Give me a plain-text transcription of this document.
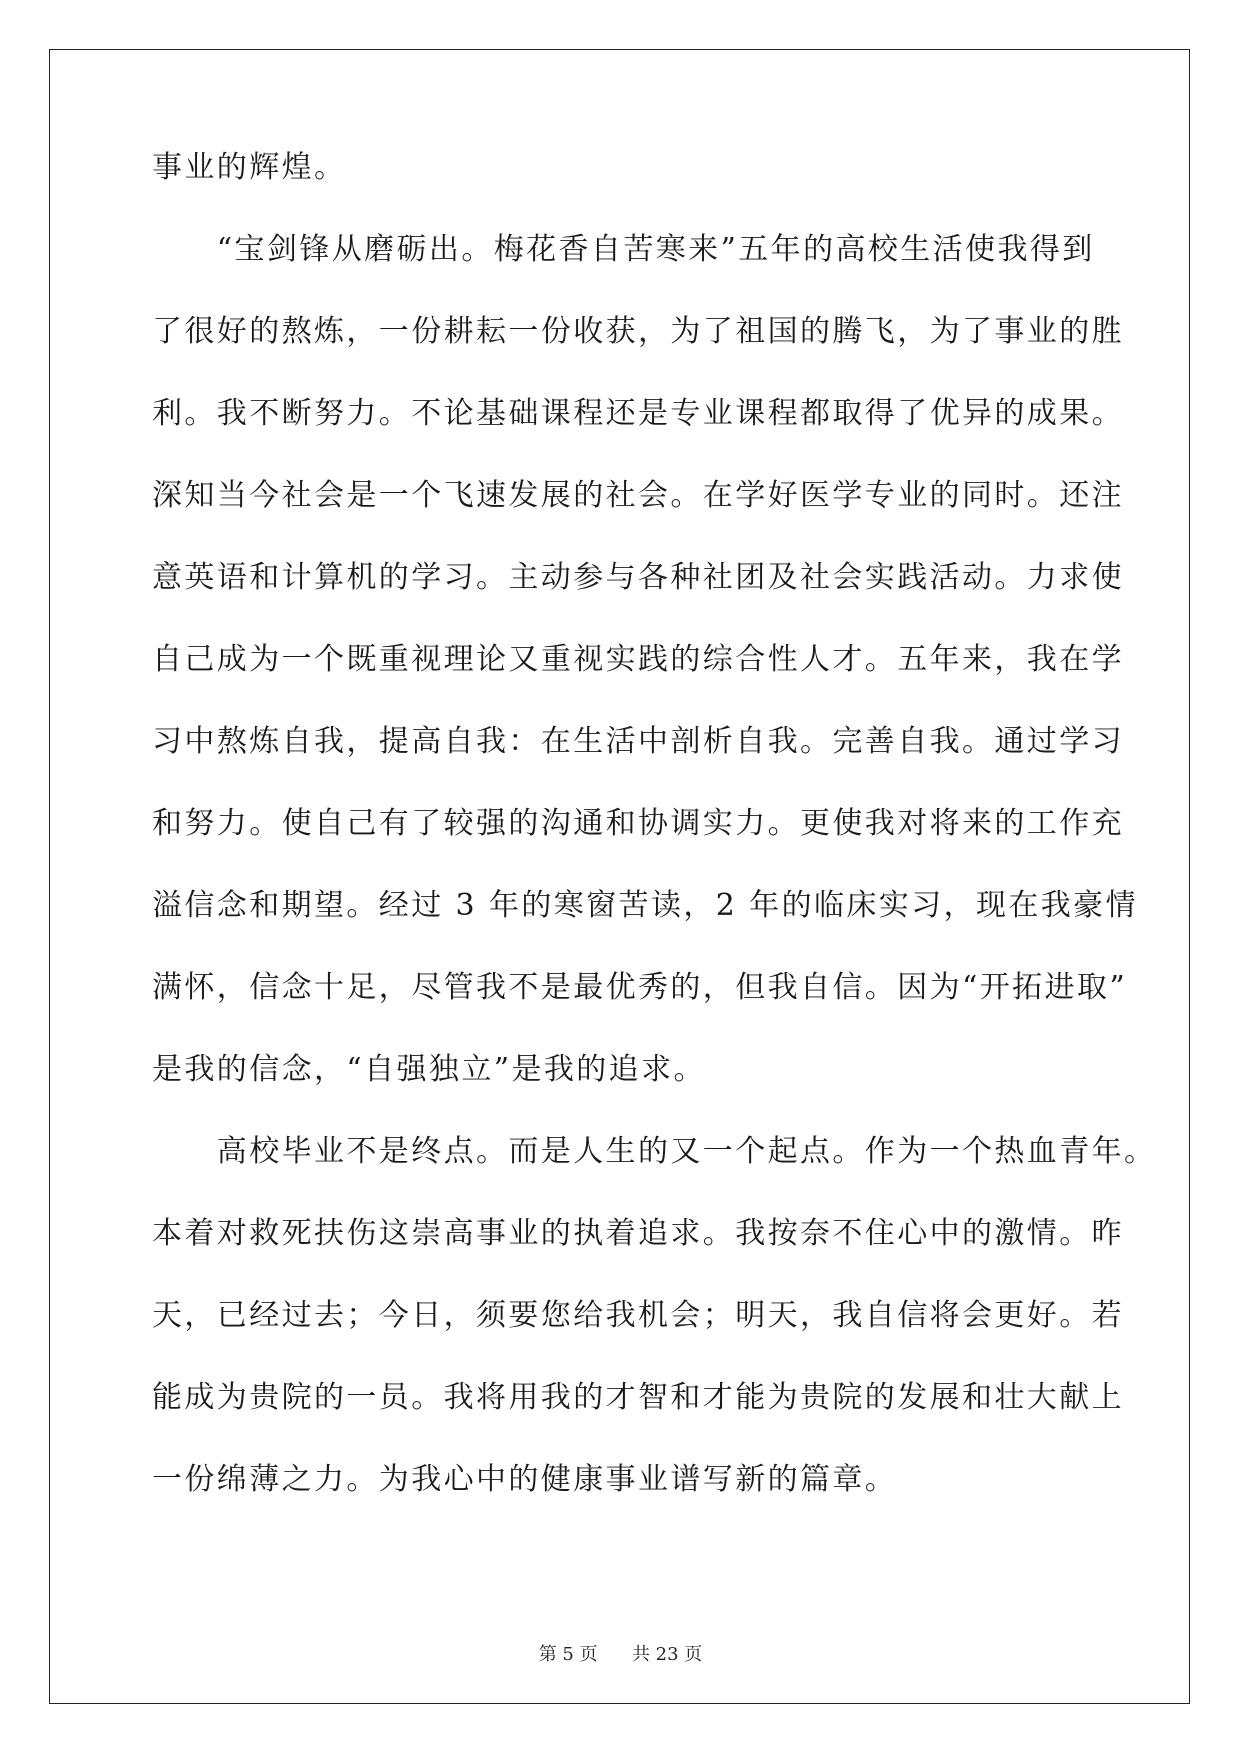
事业的辉煌。
　　“宝剑锋从磨砺出。梅花香自苦寒来”五年的高校生活使我得到
了很好的熬炼，一份耕耘一份收获，为了祖国的腾飞，为了事业的胜
利。我不断努力。不论基础课程还是专业课程都取得了优异的成果。
深知当今社会是一个飞速发展的社会。在学好医学专业的同时。还注
意英语和计算机的学习。主动参与各种社团及社会实践活动。力求使
自己成为一个既重视理论又重视实践的综合性人才。五年来，我在学
习中熬炼自我，提高自我：在生活中剖析自我。完善自我。通过学习
和努力。使自己有了较强的沟通和协调实力。更使我对将来的工作充
溢信念和期望。经过 3 年的寒窗苦读，2 年的临床实习，现在我豪情
满怀，信念十足，尽管我不是最优秀的，但我自信。因为“开拓进取”
是我的信念，“自强独立”是我的追求。
　　高校毕业不是终点。而是人生的又一个起点。作为一个热血青年。
本着对救死扶伤这崇高事业的执着追求。我按奈不住心中的激情。昨
天，已经过去；今日，须要您给我机会；明天，我自信将会更好。若
能成为贵院的一员。我将用我的才智和才能为贵院的发展和壮大献上
一份绵薄之力。为我心中的健康事业谱写新的篇章。
第 5 页 共 23 页
